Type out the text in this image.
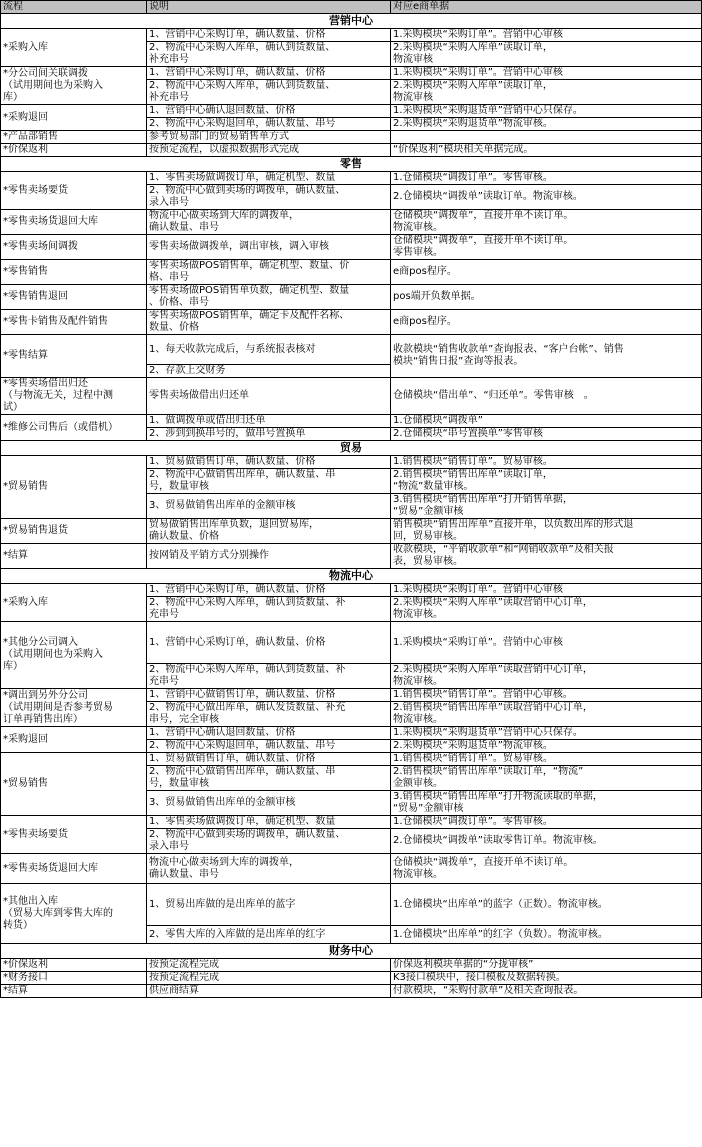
流程	说明	对应e商单据
营销中心		
*采购入库	1、营销中心采购订单，确认数量、价格	1.采购模块“采购订单”。营销中心审核
	2、物流中心采购入库单，确认到货数量、
补充串号	2.采购模块“采购入库单”读取订单，
物流审核
*分公司间关联调拨
（试用期间也为采购入
库）	1、营销中心采购订单，确认数量、价格	1.采购模块“采购订单”。营销中心审核
	2、物流中心采购入库单，确认到货数量、
补充串号	2.采购模块“采购入库单”读取订单，
物流审核
*采购退回	1、营销中心确认退回数量、价格	1.采购模块“采购退货单”营销中心只保存。
	2、物流中心采购退回单，确认数量、串号	2.采购模块“采购退货单”物流审核。
*产品部销售	参考贸易部门的贸易销售单方式	
*价保返利	按预定流程，以虚拟数据形式完成	“价保返利”模块相关单据完成。
零售		
*零售卖场要货	1、零售卖场做调拨订单，确定机型、数量	1.仓储模块“调拨订单”。零售审核。
	2、物流中心做到卖场的调拨单，确认数量、
录入串号	2.仓储模块“调拨单”读取订单。物流审核。
*零售卖场货退回大库	物流中心做卖场到大库的调拨单，
确认数量、串号	仓储模块“调拨单”，直接开单不读订单。
物流审核。
*零售卖场间调拨	零售卖场做调拨单，调出审核，调入审核	仓储模块“调拨单”，直接开单不读订单。
零售审核。
*零售销售	零售卖场做POS销售单，确定机型、数量、价
格、串号	e商pos程序。
*零售销售退回	零售卖场做POS销售单负数，确定机型、数量
、价格、串号	pos端开负数单据。
*零售卡销售及配件销售	零售卖场做POS销售单，确定卡及配件名称、
数量、价格	e商pos程序。
*零售结算	1、每天收款完成后，与系统报表核对	收款模块“销售收款单”查询报表、“客户台帐”、销售
模块“销售日报”查询等报表。
	2、存款上交财务	
*零售卖场借出归还
（与物流无关，过程中测
试）	零售卖场做借出归还单	仓储模块“借出单”、“归还单”。零售审核　。
*维修公司售后（或借机）	1、做调拨单或借出归还单	1.仓储模块“调拨单”
	2、涉到到换串号的，做串号置换单	2.仓储模块“串号置换单”零售审核
贸易		
*贸易销售	1、贸易做销售订单，确认数量、价格	1.销售模块“销售订单”。贸易审核。
	2、物流中心做销售出库单，确认数量、串
号，数量审核	2.销售模块“销售出库单”读取订单，
“物流”数量审核。
	3、贸易做销售出库单的金额审核	3.销售模块“销售出库单”打开销售单据，
“贸易”金额审核
*贸易销售退货	贸易做销售出库单负数，退回贸易库，
确认数量、价格	销售模块“销售出库单”直接开单，以负数出库的形式退
回，贸易审核。
*结算	按网销及平销方式分别操作	收款模块，“平销收款单”和“网销收款单”及相关报
表，贸易审核。
物流中心		
*采购入库	1、营销中心采购订单，确认数量、价格	1.采购模块“采购订单”。营销中心审核
	2、物流中心采购入库单，确认到货数量、补
充串号	2.采购模块“采购入库单”读取营销中心订单，
物流审核。
*其他分公司调入
（试用期间也为采购入
库）	1、营销中心采购订单，确认数量、价格	1.采购模块“采购订单”。营销中心审核
	2、物流中心采购入库单，确认到货数量、补
充串号	2.采购模块“采购入库单”读取营销中心订单，
物流审核。
*调出到另外分公司
（试用期间是否参考贸易
订单再销售出库）	1、营销中心做销售订单，确认数量、价格	1.销售模块“销售订单”。营销中心审核。
	2、物流中心做出库单，确认发货数量、补充
串号，完全审核	2.销售模块“销售出库单”读取营销中心订单，
物流审核。
*采购退回	1、营销中心确认退回数量、价格	1.采购模块“采购退货单”营销中心只保存。
	2、物流中心采购退回单，确认数量、串号	2.采购模块“采购退货单”物流审核。
*贸易销售	1、贸易做销售订单，确认数量、价格	1.销售模块“销售订单”。贸易审核。
	2、物流中心做销售出库单，确认数量、串
号，数量审核	2.销售模块“销售出库单”读取订单，“物流”
金额审核。
	3、贸易做销售出库单的金额审核	3.销售模块“销售出库单”打开物流读取的单据，
“贸易”金额审核
*零售卖场要货	1、零售卖场做调拨订单，确定机型、数量	1.仓储模块“调拨订单”。零售审核。
	2、物流中心做到卖场的调拨单，确认数量、
录入串号	2.仓储模块“调拨单”读取零售订单。物流审核。
*零售卖场货退回大库	物流中心做卖场到大库的调拨单，
确认数量、串号	仓储模块“调拨单”，直接开单不读订单。
物流审核。
*其他出入库
（贸易大库到零售大库的
转货）	1、贸易出库做的是出库单的蓝字	1.仓储模块“出库单”的蓝字（正数）。物流审核。
	2、零售大库的入库做的是出库单的红字	1.仓储模块“出库单”的红字（负数）。物流审核。
财务中心		
*价保返利	按预定流程完成	价保返利模块单据的“分拢审核”
*财务接口	按预定流程完成	K3接口模块中，接口模板及数据转换。
*结算	供应商结算	付款模块，“采购付款单”及相关查询报表。
